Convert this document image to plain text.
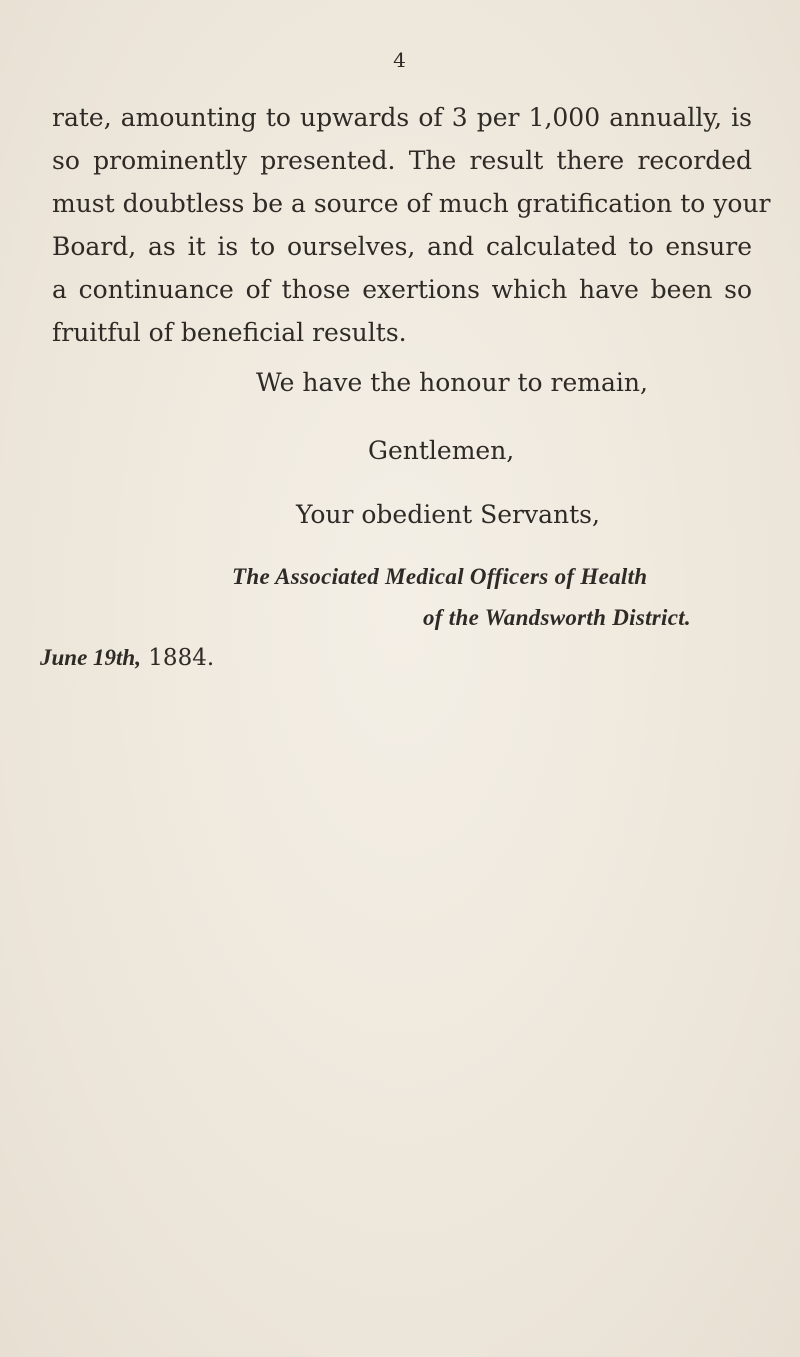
4

rate, amounting to upwards of 3 per 1,000 annually, is
so prominently presented. The result there recorded
must doubtless be a source of much gratification to your
Board, as it is to ourselves, and calculated to ensure
a continuance of those exertions which have been so
fruitful of beneficial results.

We have the honour to remain,

Gentlemen,

Your obedient Servants,

The Associated Medical Officers of Health

of the Wandsworth District.

June 19th, 1884.
